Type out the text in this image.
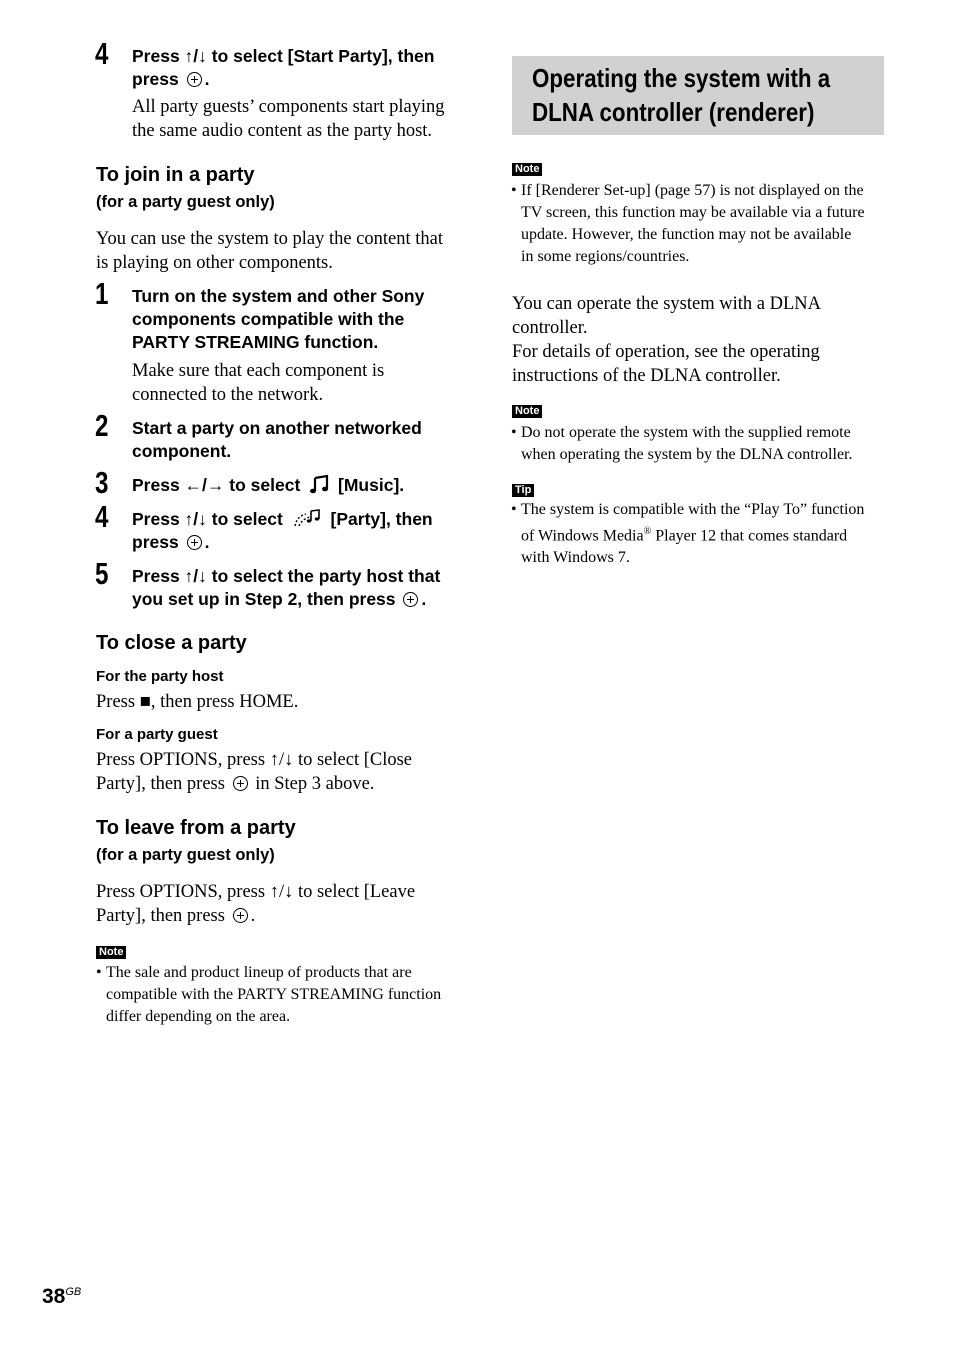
4 Press ↑/↓ to select [Start Party], then
press .
All party guests’ components start playing
the same audio content as the party host.
To join in a party
(for a party guest only)
You can use the system to play the content that
is playing on other components.
1 Turn on the system and other Sony
components compatible with the
PARTY STREAMING function.
Make sure that each component is
connected to the network.
2 Start a party on another networked
component.
3 Press ←/→ to select [Music].
4 Press ↑/↓ to select	[Party], then
press .
5 Press ↑/↓ to select the party host that
you set up in Step 2, then press .
To close a party
For the party host
Press ■, then press HOME.
For a party guest
Press OPTIONS, press ↑/↓ to select [Close
Party], then press in Step 3 above.
To leave from a party
(for a party guest only)
Press OPTIONS, press ↑/↓ to select [Leave
Party], then press .
Note
• The sale and product lineup of products that are
compatible with the PARTY STREAMING function
differ depending on the area.
Operating the system with a
DLNA controller (renderer)
Note
• If [Renderer Set-up] (page 57) is not displayed on the
TV screen, this function may be available via a future
update. However, the function may not be available
in some regions/countries.
You can operate the system with a DLNA
controller.
For details of operation, see the operating
instructions of the DLNA controller.
Note
• Do not operate the system with the supplied remote
when operating the system by the DLNA controller.
Tip
• The system is compatible with the “Play To” function
of Windows Media® Player 12 that comes standard
with Windows 7.
$38^{GB}$
